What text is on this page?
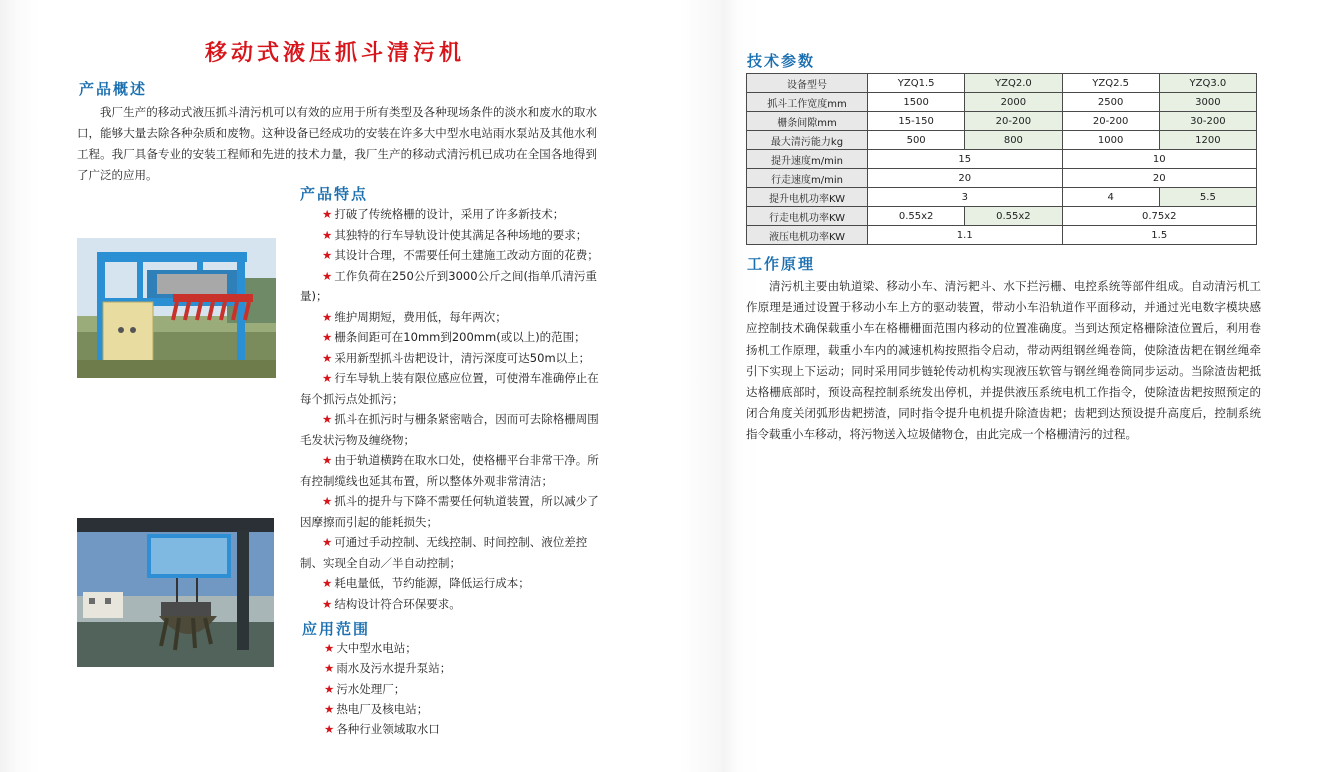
移动式液压抓斗清污机
产品概述
我厂生产的移动式液压抓斗清污机可以有效的应用于所有类型及各种现场条件的淡水和废水的取水口，能够大量去除各种杂质和废物。这种设备已经成功的安装在许多大中型水电站雨水泵站及其他水利工程。我厂具备专业的安装工程师和先进的技术力量，我厂生产的移动式清污机已成功在全国各地得到了广泛的应用。
产品特点
★ 打破了传统格栅的设计，采用了许多新技术；
★ 其独特的行车导轨设计使其满足各种场地的要求；
★ 其设计合理，不需要任何土建施工改动方面的花费；
★ 工作负荷在250公斤到3000公斤之间(指单爪清污重量)；
★ 维护周期短，费用低，每年两次；
★ 栅条间距可在10mm到200mm(或以上)的范围；
★ 采用新型抓斗齿耙设计，清污深度可达50m以上；
★ 行车导轨上装有限位感应位置，可使滑车准确停止在每个抓污点处抓污；
★ 抓斗在抓污时与栅条紧密啮合，因而可去除格栅周围毛发状污物及缠绕物；
★ 由于轨道横跨在取水口处，使格栅平台非常干净。所有控制缆线也延其布置，所以整体外观非常清洁；
★ 抓斗的提升与下降不需要任何轨道装置，所以减少了因摩擦而引起的能耗损失；
★ 可通过手动控制、无线控制、时间控制、液位差控制、实现全自动／半自动控制；
★ 耗电量低，节约能源，降低运行成本；
★ 结构设计符合环保要求。
应用范围
★ 大中型水电站；
★ 雨水及污水提升泵站；
★ 污水处理厂；
★ 热电厂及核电站；
★ 各种行业领域取水口
技术参数
设备型号	YZQ1.5	YZQ2.0	YZQ2.5	YZQ3.0
抓斗工作宽度mm	1500	2000	2500	3000
栅条间隙mm	15-150	20-200	20-200	30-200
最大清污能力kg	500	800	1000	1200
提升速度m/min	15		10	
行走速度m/min	20		20	
提升电机功率KW	3		4	5.5
行走电机功率KW	0.55x2	0.55x2	0.75x2	
液压电机功率KW	1.1		1.5	
工作原理
清污机主要由轨道梁、移动小车、清污耙斗、水下拦污栅、电控系统等部件组成。自动清污机工作原理是通过设置于移动小车上方的驱动装置，带动小车沿轨道作平面移动，并通过光电数字模块感应控制技术确保载重小车在格栅栅面范围内移动的位置准确度。当到达预定格栅除渣位置后，利用卷扬机工作原理，载重小车内的减速机构按照指令启动，带动两组钢丝绳卷筒，使除渣齿耙在钢丝绳牵引下实现上下运动；同时采用同步链轮传动机构实现液压软管与钢丝绳卷筒同步运动。当除渣齿耙抵达格栅底部时，预设高程控制系统发出停机，并提供液压系统电机工作指令，使除渣齿耙按照预定的闭合角度关闭弧形齿耙捞渣，同时指令提升电机提升除渣齿耙；齿耙到达预设提升高度后，控制系统指令载重小车移动，将污物送入垃圾储物仓，由此完成一个格栅清污的过程。
